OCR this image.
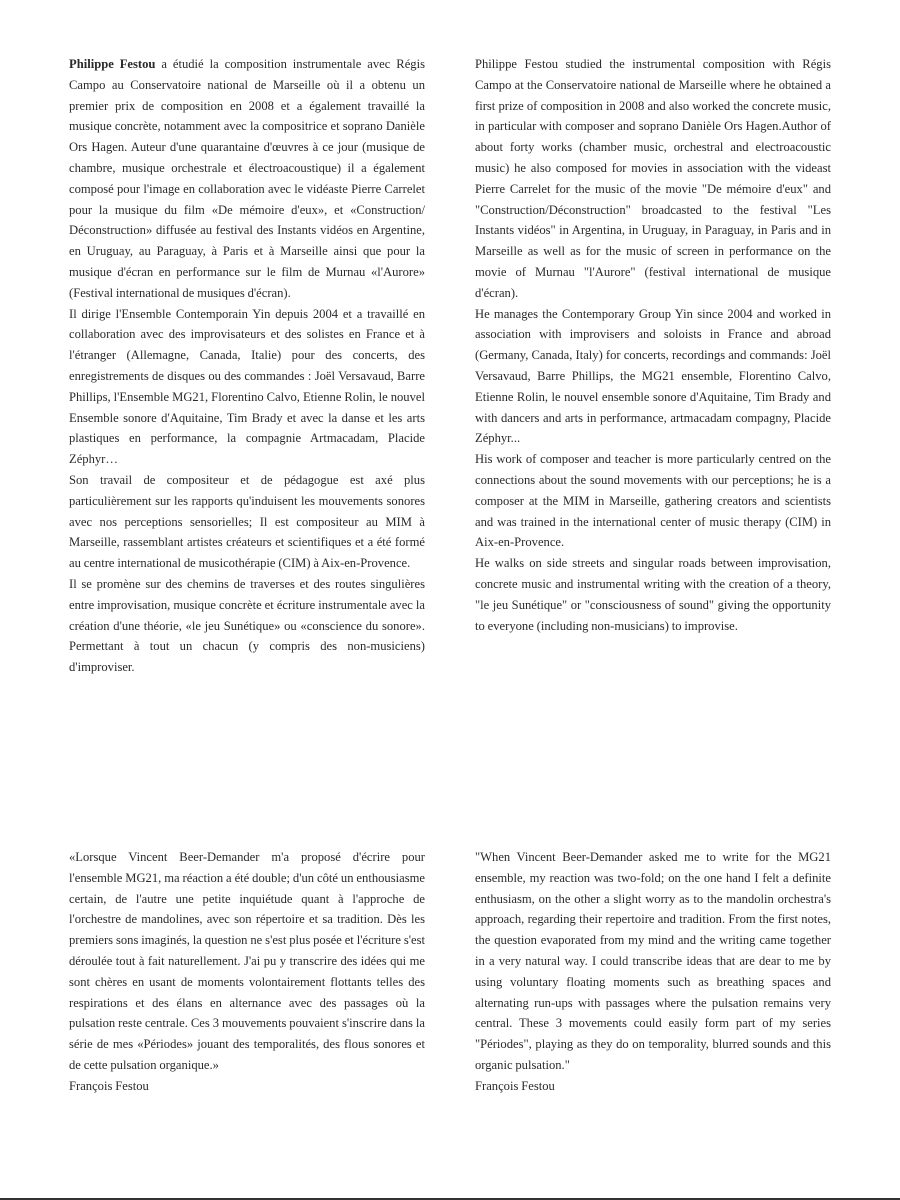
Philippe Festou a étudié la composition instrumentale avec Régis Campo au Conservatoire national de Marseille où il a obtenu un premier prix de composition en 2008 et a également travaillé la musique concrète, notamment avec la compositrice et soprano Danièle Ors Hagen. Auteur d'une quarantaine d'œuvres à ce jour (musique de chambre, musique orchestrale et électroacoustique) il a également composé pour l'image en collaboration avec le vidéaste Pierre Carrelet pour la musique du film «De mémoire d'eux», et «Construction/ Déconstruction» diffusée au festival des Instants vidéos en Argentine, en Uruguay, au Paraguay, à Paris et à Marseille ainsi que pour la musique d'écran en performance sur le film de Murnau «l'Aurore» (Festival international de musiques d'écran).

Il dirige l'Ensemble Contemporain Yin depuis 2004 et a travaillé en collaboration avec des improvisateurs et des solistes en France et à l'étranger (Allemagne, Canada, Italie) pour des concerts, des enregistrements de disques ou des commandes : Joël Versavaud, Barre Phillips, l'Ensemble MG21, Florentino Calvo, Etienne Rolin, le nouvel Ensemble sonore d'Aquitaine, Tim Brady et avec la danse et les arts plastiques en performance, la compagnie Artmacadam, Placide Zéphyr…

Son travail de compositeur et de pédagogue est axé plus particulièrement sur les rapports qu'induisent les mouvements sonores avec nos perceptions sensorielles; Il est compositeur au MIM à Marseille, rassemblant artistes créateurs et scientifiques et a été formé au centre international de musicothérapie (CIM) à Aix-en-Provence.

Il se promène sur des chemins de traverses et des routes singulières entre improvisation, musique concrète et écriture instrumentale avec la création d'une théorie, «le jeu Sunétique» ou «conscience du sonore». Permettant à tout un chacun (y compris des non-musiciens) d'improviser.

Philippe Festou studied the instrumental composition with Régis Campo at the Conservatoire national de Marseille where he obtained a first prize of composition in 2008 and also worked the concrete music, in particular with composer and soprano Danièle Ors Hagen.Author of about forty works (chamber music, orchestral and electroacoustic music) he also composed for movies in association with the videast Pierre Carrelet for the music of the movie "De mémoire d'eux" and "Construction/Déconstruction" broadcasted to the festival "Les Instants vidéos" in Argentina, in Uruguay, in Paraguay, in Paris and in Marseille as well as for the music of screen in performance on the movie of Murnau "l'Aurore" (festival international de musique d'écran).

He manages the Contemporary Group Yin since 2004 and worked in association with improvisers and soloists in France and abroad (Germany, Canada, Italy) for concerts, recordings and commands: Joël Versavaud, Barre Phillips, the MG21 ensemble, Florentino Calvo, Etienne Rolin, le nouvel ensemble sonore d'Aquitaine, Tim Brady and with dancers and arts in performance, artmacadam compagny, Placide Zéphyr...

His work of composer and teacher is more particularly centred on the connections about the sound movements with our perceptions; he is a composer at the MIM in Marseille, gathering creators and scientists and was trained in the international center of music therapy (CIM) in Aix-en-Provence.

He walks on side streets and singular roads between improvisation, concrete music and instrumental writing with the creation of a theory, "le jeu Sunétique" or "consciousness of sound" giving the opportunity to everyone (including non-musicians) to improvise.

«Lorsque Vincent Beer-Demander m'a proposé d'écrire pour l'ensemble MG21, ma réaction a été double; d'un côté un enthousiasme certain, de l'autre une petite inquiétude quant à l'approche de l'orchestre de mandolines, avec son répertoire et sa tradition. Dès les premiers sons imaginés, la question ne s'est plus posée et l'écriture s'est déroulée tout à fait naturellement. J'ai pu y transcrire des idées qui me sont chères en usant de moments volontairement flottants telles des respirations et des élans en alternance avec des passages où la pulsation reste centrale. Ces 3 mouvements pouvaient s'inscrire dans la série de mes «Périodes» jouant des temporalités, des flous sonores et de cette pulsation organique.»

François Festou

"When Vincent Beer-Demander asked me to write for the MG21 ensemble, my reaction was two-fold; on the one hand I felt a definite enthusiasm, on the other a slight worry as to the mandolin orchestra's approach, regarding their repertoire and tradition. From the first notes, the question evaporated from my mind and the writing came together in a very natural way. I could transcribe ideas that are dear to me by using voluntary floating moments such as breathing spaces and alternating run-ups with passages where the pulsation remains very central. These 3 movements could easily form part of my series "Périodes", playing as they do on temporality, blurred sounds and this organic pulsation."

François Festou
